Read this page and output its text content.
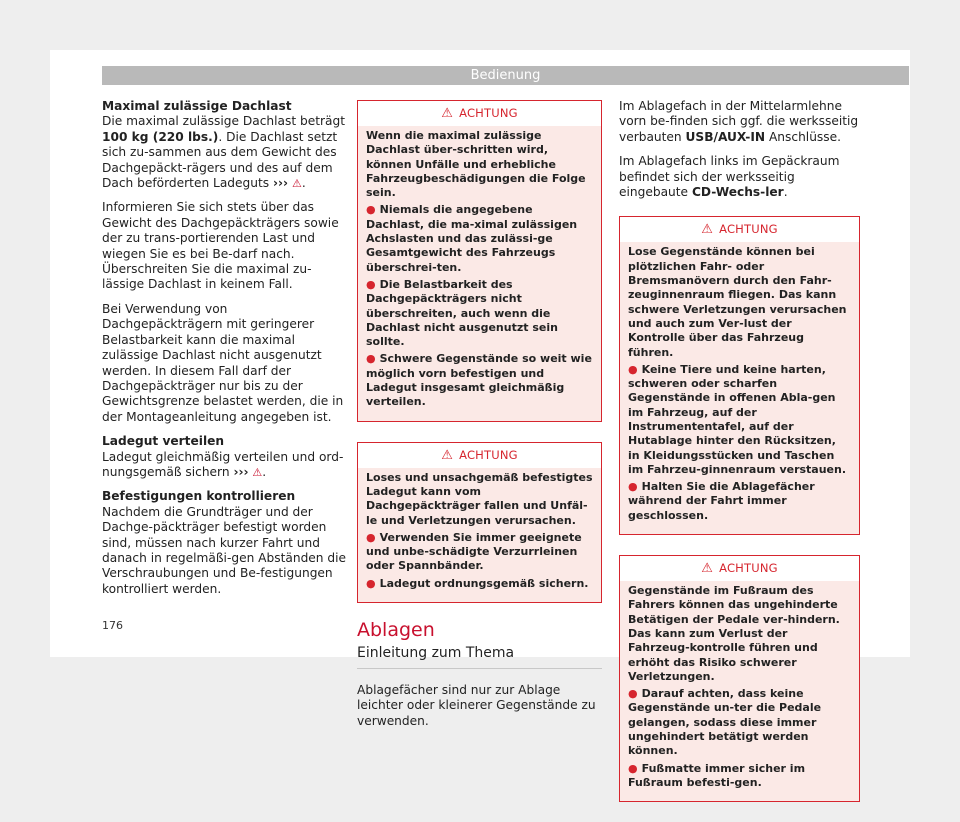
Bedienung

Maximal zulässige Dachlast

Die maximal zulässige Dachlast beträgt 100 kg (220 lbs.). Die Dachlast setzt sich zu-sammen aus dem Gewicht des Dachgepäckt-rägers und des auf dem Dach beförderten Ladeguts ››› ⚠.

Informieren Sie sich stets über das Gewicht des Dachgepäckträgers sowie der zu trans-portierenden Last und wiegen Sie es bei Be-darf nach. Überschreiten Sie die maximal zu-lässige Dachlast in keinem Fall.

Bei Verwendung von Dachgepäckträgern mit geringerer Belastbarkeit kann die maximal zulässige Dachlast nicht ausgenutzt werden. In diesem Fall darf der Dachgepäckträger nur bis zu der Gewichtsgrenze belastet werden, die in der Montageanleitung angegeben ist.

Ladegut verteilen

Ladegut gleichmäßig verteilen und ord-nungsgemäß sichern ››› ⚠.

Befestigungen kontrollieren

Nachdem die Grundträger und der Dachge-päckträger befestigt worden sind, müssen nach kurzer Fahrt und danach in regelmäßi-gen Abständen die Verschraubungen und Be-festigungen kontrolliert werden.

⚠ ACHTUNG

Wenn die maximal zulässige Dachlast über-schritten wird, können Unfälle und erhebliche Fahrzeugbeschädigungen die Folge sein.

● Niemals die angegebene Dachlast, die ma-ximal zulässigen Achslasten und das zulässi-ge Gesamtgewicht des Fahrzeugs überschrei-ten.

● Die Belastbarkeit des Dachgepäckträgers nicht überschreiten, auch wenn die Dachlast nicht ausgenutzt sein sollte.

● Schwere Gegenstände so weit wie möglich vorn befestigen und Ladegut insgesamt gleichmäßig verteilen.

⚠ ACHTUNG

Loses und unsachgemäß befestigtes Ladegut kann vom Dachgepäckträger fallen und Unfäl-le und Verletzungen verursachen.

● Verwenden Sie immer geeignete und unbe-schädigte Verzurrleinen oder Spannbänder.

● Ladegut ordnungsgemäß sichern.

Ablagen
Einleitung zum Thema

Ablagefächer sind nur zur Ablage leichter oder kleinerer Gegenstände zu verwenden.

Im Ablagefach in der Mittelarmlehne vorn be-finden sich ggf. die werksseitig verbauten USB/AUX-IN Anschlüsse.

Im Ablagefach links im Gepäckraum befindet sich der werksseitig eingebaute CD-Wechs-ler.

⚠ ACHTUNG

Lose Gegenstände können bei plötzlichen Fahr- oder Bremsmanövern durch den Fahr-zeuginnenraum fliegen. Das kann schwere Verletzungen verursachen und auch zum Ver-lust der Kontrolle über das Fahrzeug führen.

● Keine Tiere und keine harten, schweren oder scharfen Gegenstände in offenen Abla-gen im Fahrzeug, auf der Instrumententafel, auf der Hutablage hinter den Rücksitzen, in Kleidungsstücken und Taschen im Fahrzeu-ginnenraum verstauen.

● Halten Sie die Ablagefächer während der Fahrt immer geschlossen.

⚠ ACHTUNG

Gegenstände im Fußraum des Fahrers können das ungehinderte Betätigen der Pedale ver-hindern. Das kann zum Verlust der Fahrzeug-kontrolle führen und erhöht das Risiko schwerer Verletzungen.

● Darauf achten, dass keine Gegenstände un-ter die Pedale gelangen, sodass diese immer ungehindert betätigt werden können.

● Fußmatte immer sicher im Fußraum befesti-gen.

176
